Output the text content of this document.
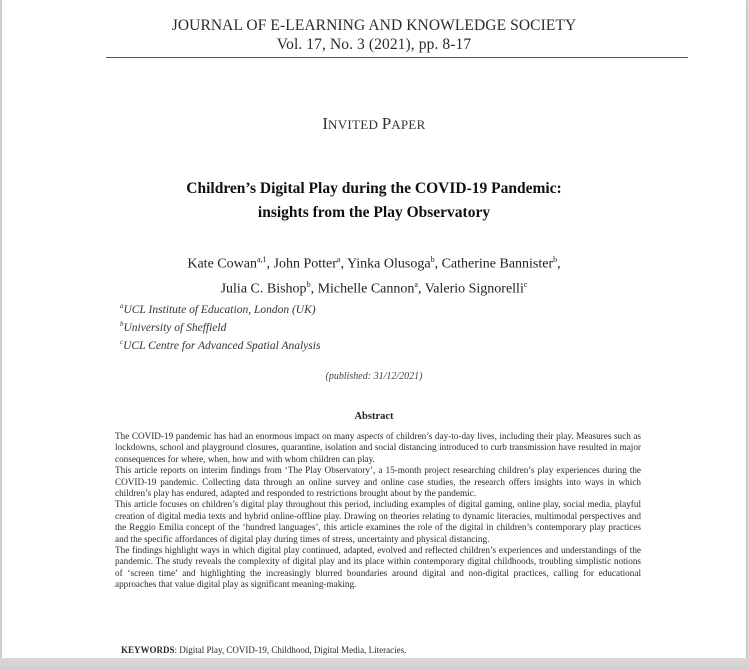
JOURNAL OF E-LEARNING AND KNOWLEDGE SOCIETY
Vol. 17, No. 3 (2021), pp. 8-17
INVITED PAPER
Children’s Digital Play during the COVID-19 Pandemic:
insights from the Play Observatory
Kate Cowan$^{a,1}$, John Potter$^a$, Yinka Olusoga$^b$, Catherine Bannister$^b$,
Julia C. Bishop$^b$, Michelle Cannon$^a$, Valerio Signorelli$^c$
$^a$UCL Institute of Education, London (UK)
$^b$University of Sheffield
$^c$UCL Centre for Advanced Spatial Analysis
(published: 31/12/2021)
Abstract

The COVID-19 pandemic has had an enormous impact on many aspects of children’s day-to-day lives, including their play. Measures such as lockdowns, school and playground closures, quarantine, isolation and social distancing introduced to curb transmission have resulted in major consequences for where, when, how and with whom children can play.

This article reports on interim findings from ‘The Play Observatory’, a 15-month project researching children’s play experiences during the COVID-19 pandemic. Collecting data through an online survey and online case studies, the research offers insights into ways in which children’s play has endured, adapted and responded to restrictions brought about by the pandemic.

This article focuses on children’s digital play throughout this period, including examples of digital gaming, online play, social media, playful creation of digital media texts and hybrid online-offline play. Drawing on theories relating to dynamic literacies, multimodal perspectives and the Reggio Emilia concept of the ‘hundred languages’, this article examines the role of the digital in children’s contemporary play practices and the specific affordances of digital play during times of stress, uncertainty and physical distancing.

The findings highlight ways in which digital play continued, adapted, evolved and reflected children’s experiences and understandings of the pandemic. The study reveals the complexity of digital play and its place within contemporary digital childhoods, troubling simplistic notions of ‘screen time’ and highlighting the increasingly blurred boundaries around digital and non-digital practices, calling for educational approaches that value digital play as significant meaning-making.

KEYWORDS: Digital Play, COVID-19, Childhood, Digital Media, Literacies.
